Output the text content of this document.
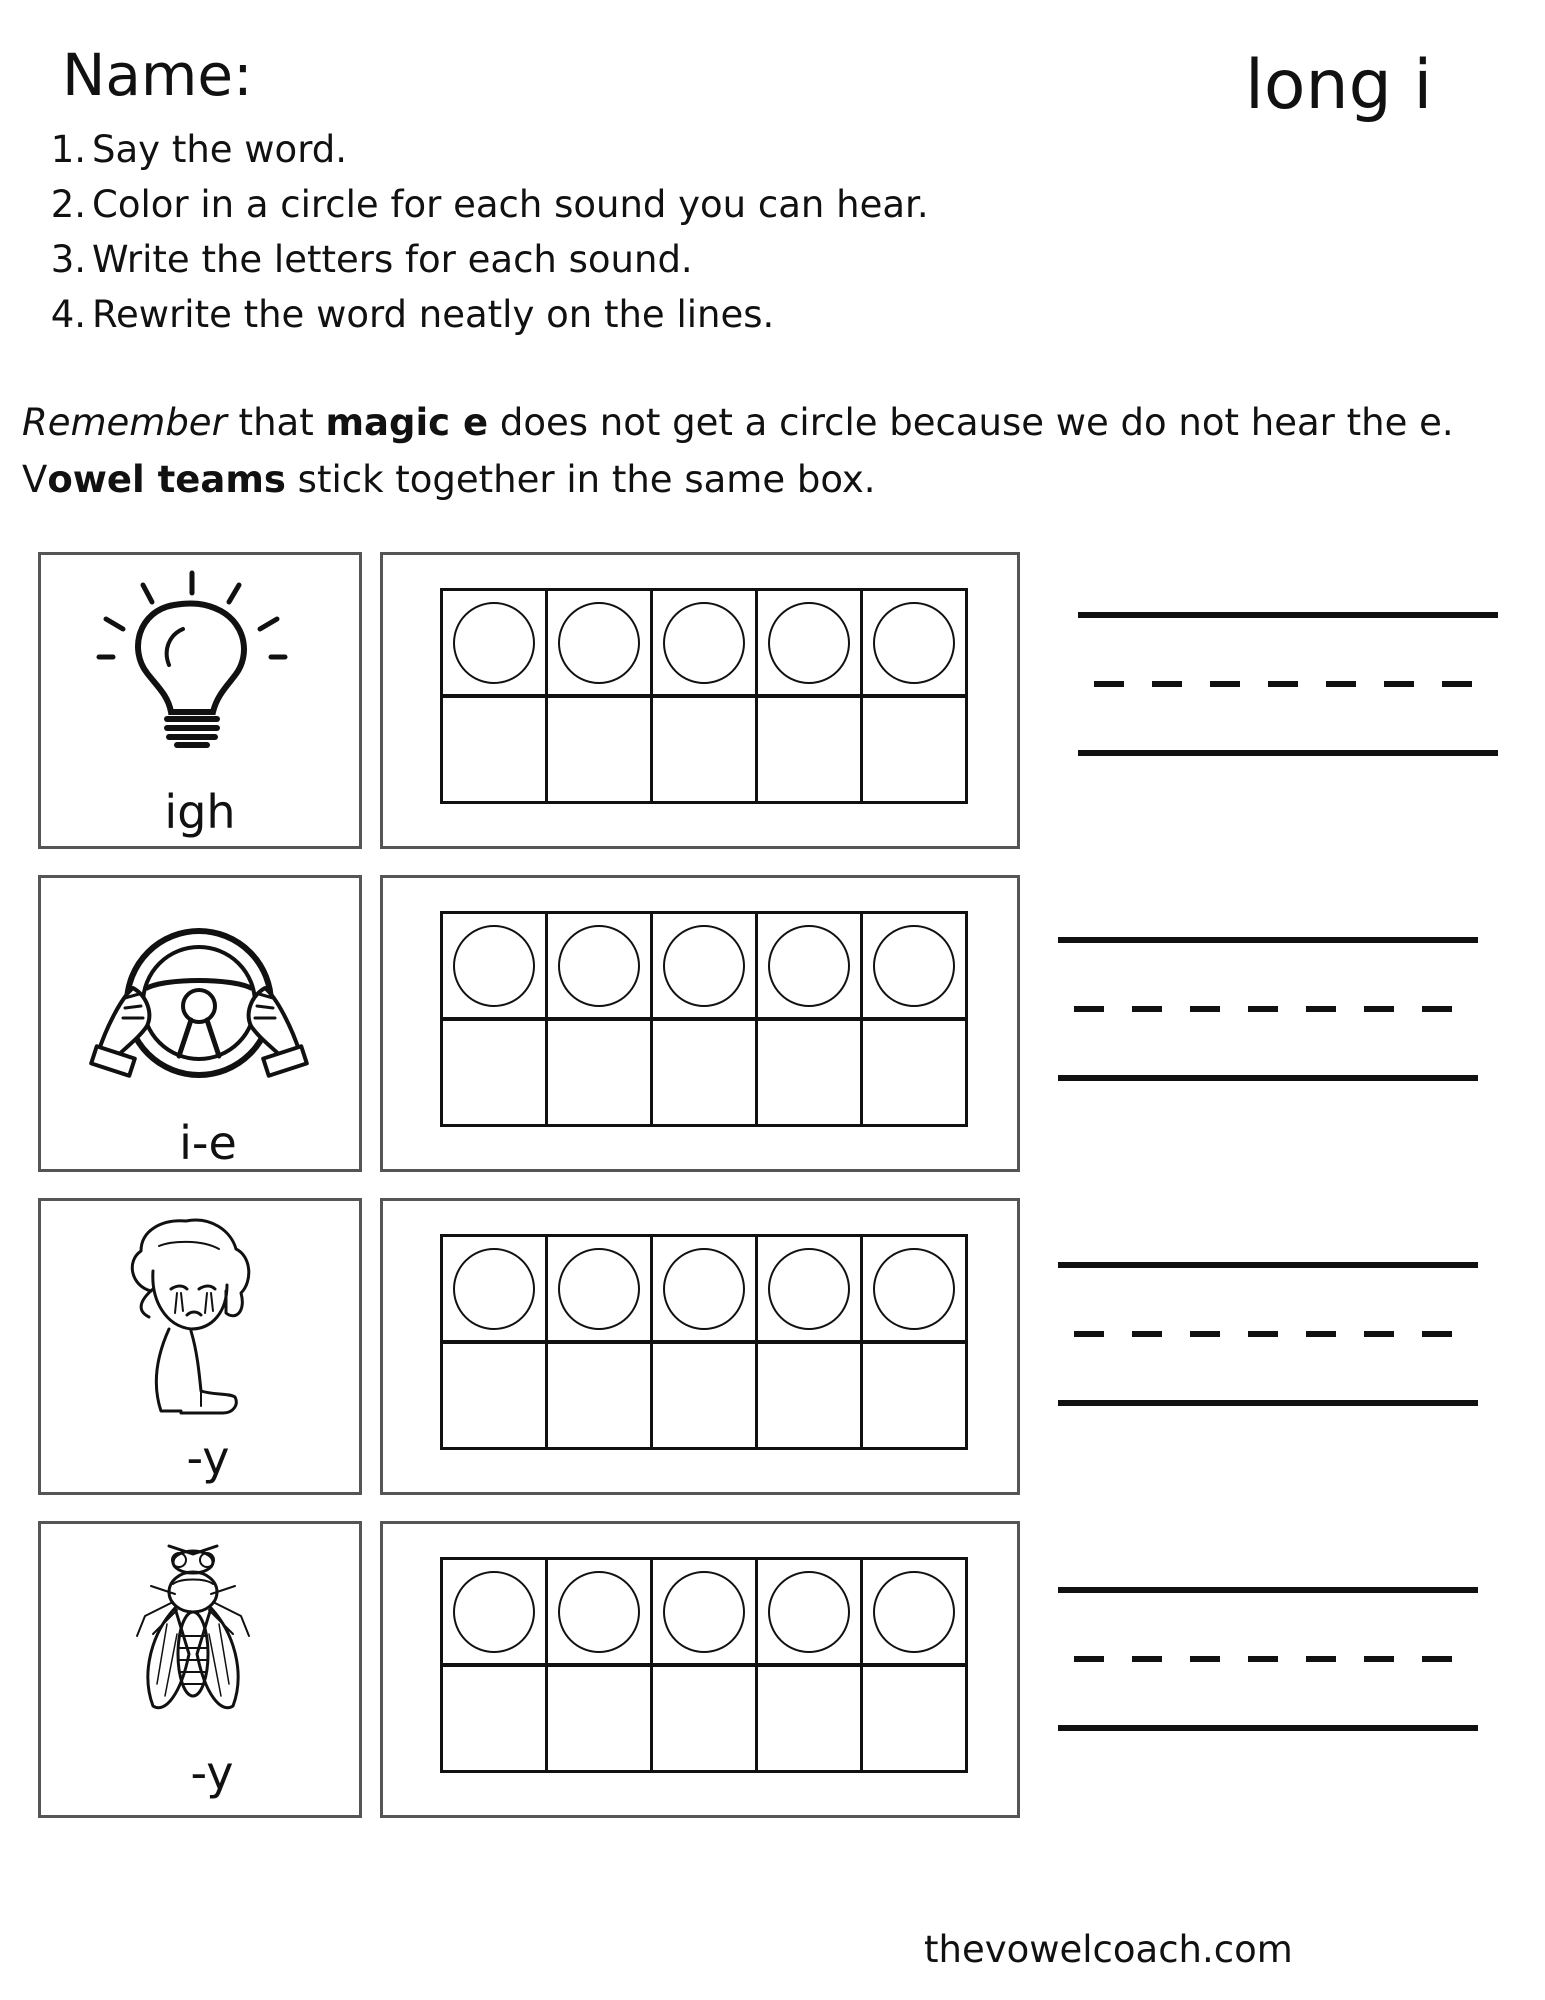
Name:	long i
1. Say the word.
2. Color in a circle for each sound you can hear.
3. Write the letters for each sound.
4. Rewrite the word neatly on the lines.
Remember that magic e does not get a circle because we do not hear the e.
Vowel teams stick together in the same box.
igh
i-e
-y
-y
thevowelcoach.com
